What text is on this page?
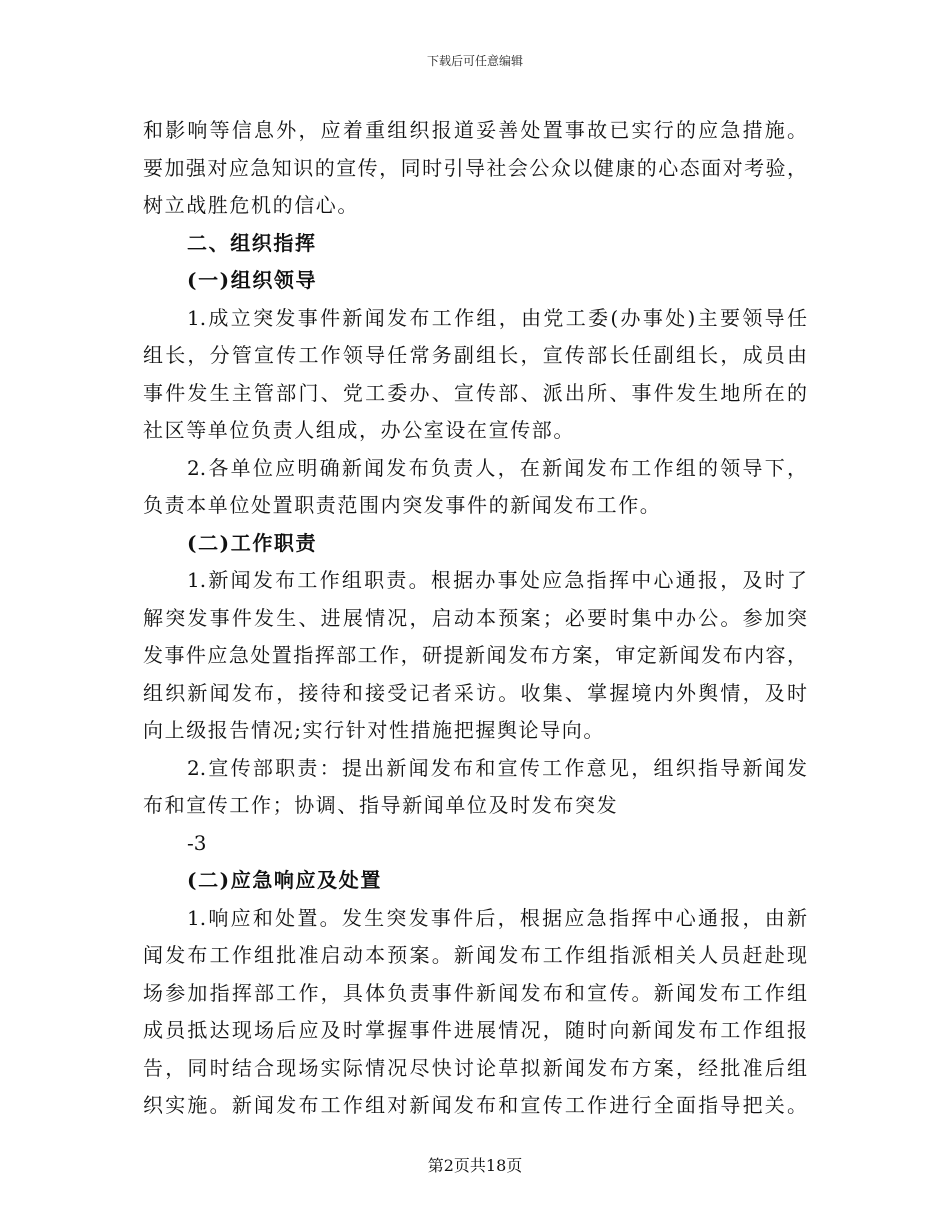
下载后可任意编辑
和影响等信息外，应着重组织报道妥善处置事故已实行的应急措施。
要加强对应急知识的宣传，同时引导社会公众以健康的心态面对考验，
树立战胜危机的信心。
二、组织指挥
(一)组织领导
1.成立突发事件新闻发布工作组，由党工委(办事处)主要领导任
组长，分管宣传工作领导任常务副组长，宣传部长任副组长，成员由
事件发生主管部门、党工委办、宣传部、派出所、事件发生地所在的
社区等单位负责人组成，办公室设在宣传部。
2.各单位应明确新闻发布负责人，在新闻发布工作组的领导下，
负责本单位处置职责范围内突发事件的新闻发布工作。
(二)工作职责
1.新闻发布工作组职责。根据办事处应急指挥中心通报，及时了
解突发事件发生、进展情况，启动本预案；必要时集中办公。参加突
发事件应急处置指挥部工作，研提新闻发布方案，审定新闻发布内容，
组织新闻发布，接待和接受记者采访。收集、掌握境内外舆情，及时
向上级报告情况;实行针对性措施把握舆论导向。
2.宣传部职责：提出新闻发布和宣传工作意见，组织指导新闻发
布和宣传工作；协调、指导新闻单位及时发布突发
-3
(二)应急响应及处置
1.响应和处置。发生突发事件后，根据应急指挥中心通报，由新
闻发布工作组批准启动本预案。新闻发布工作组指派相关人员赶赴现
场参加指挥部工作，具体负责事件新闻发布和宣传。新闻发布工作组
成员抵达现场后应及时掌握事件进展情况，随时向新闻发布工作组报
告，同时结合现场实际情况尽快讨论草拟新闻发布方案，经批准后组
织实施。新闻发布工作组对新闻发布和宣传工作进行全面指导把关。
第2页共18页
